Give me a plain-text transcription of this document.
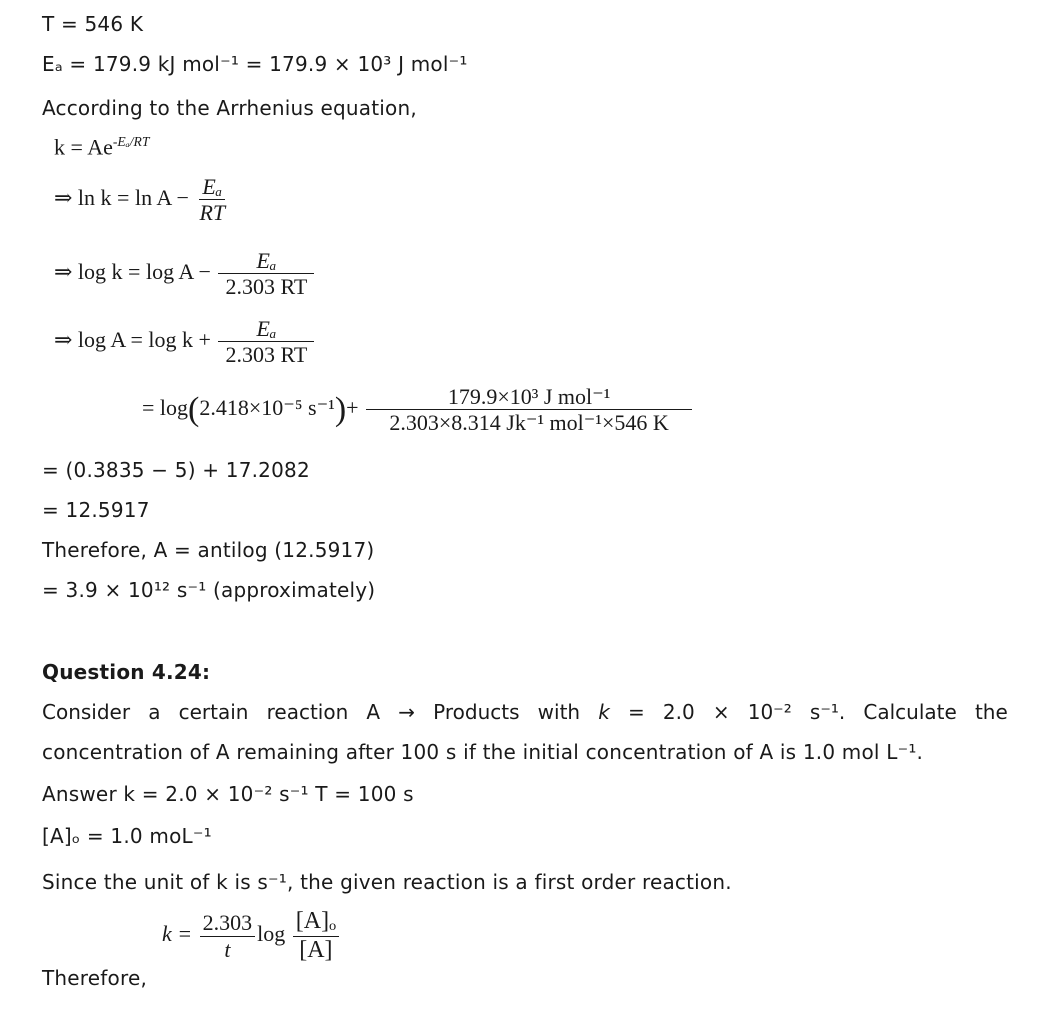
T = 546 K
Eₐ = 179.9 kJ mol⁻¹ = 179.9 × 10³ J mol⁻¹
According to the Arrhenius equation,
$k = Ae^{-E_a/RT}$
⇒ $\ln k = \ln A - \frac{\text{Eₐ}}{RT}$
⇒ $\log k = \log A - \frac{\text{Eₐ}}{2.303 RT}$
⇒ $\log A = \log k + \frac{\text{Eₐ}}{2.303 RT}$
= log(2.418×10⁻⁵ $s^{-1})+ \frac{\text{179.9×10³ J mol⁻¹}}{\text{2.303×8.314 Jk⁻¹ mol⁻¹×546 K}}$
= (0.3835 − 5) + 17.2082
= 12.5917
Therefore, A = antilog (12.5917)
= 3.9 × 10¹² s⁻¹ (approximately)
Question 4.24:
Consider a certain reaction A → Products with k = 2.0 × 10⁻² s⁻¹. Calculate the
concentration of A remaining after 100 s if the initial concentration of A is 1.0 mol L⁻¹.
Answer k = 2.0 × 10⁻² s⁻¹ T = 100 s
[A]ₒ = 1.0 moL⁻¹
Since the unit of k is s⁻¹, the given reaction is a first order reaction.
Therefore,
$k = \frac{2.303}{t}$ $\log \frac{\text{[A]ₒ}}{[A]}$
